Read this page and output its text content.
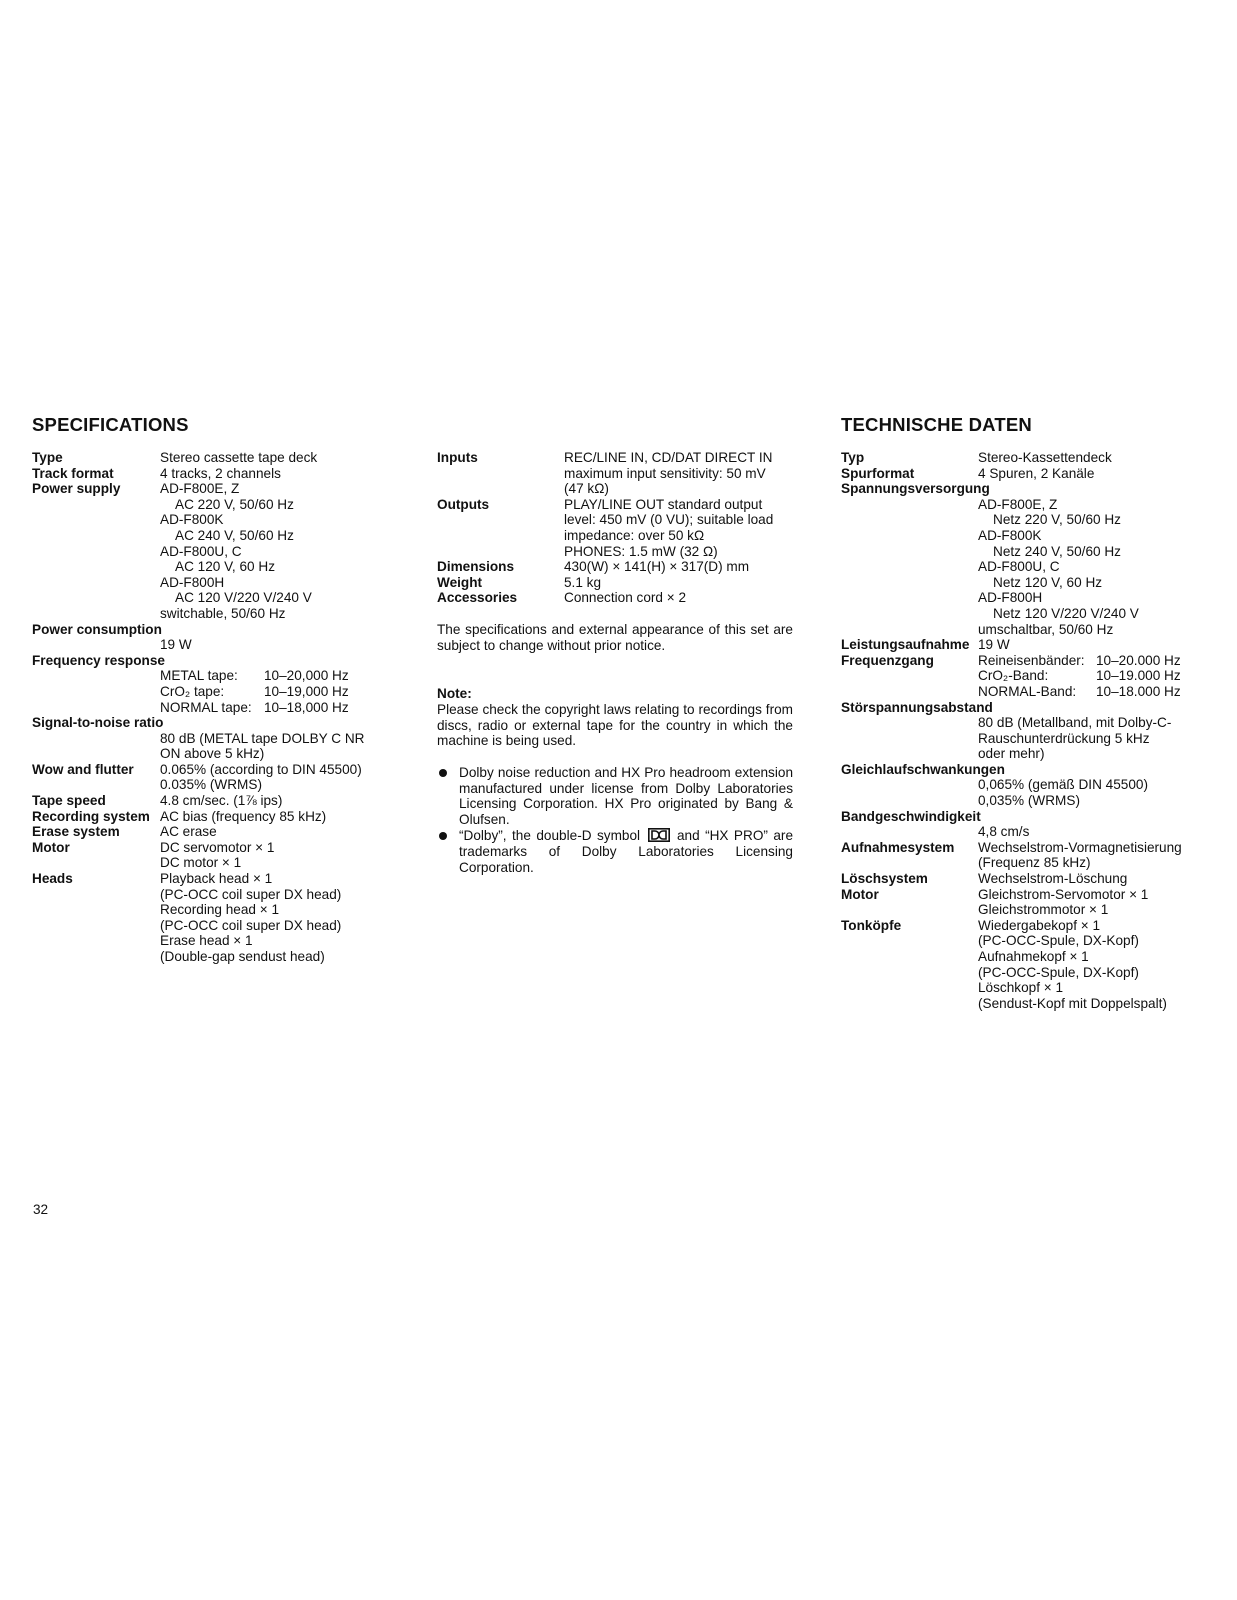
SPECIFICATIONS	TECHNISCHE DATEN
Type	Stereo cassette tape deck
Track format	4 tracks, 2 channels
Power supply	AD-F800E, Z
AC 220 V, 50/60 Hz
AD-F800K
AC 240 V, 50/60 Hz
AD-F800U, C
AC 120 V, 60 Hz
AD-F800H
AC 120 V/220 V/240 V
switchable, 50/60 Hz
Power consumption
19 W
Frequency response
METAL tape:	10–20,000 Hz
CrO₂ tape:	10–19,000 Hz
NORMAL tape: 10–18,000 Hz
Signal-to-noise ratio
80 dB (METAL tape DOLBY C NR
ON above 5 kHz)
Wow and flutter	0.065% (according to DIN 45500)
0.035% (WRMS)
Tape speed	4.8 cm/sec. (1⅞ ips)
Recording system AC bias (frequency 85 kHz)
Erase system	AC erase
Motor	DC servomotor × 1
DC motor × 1
Heads	Playback head × 1
(PC-OCC coil super DX head)
Recording head × 1
(PC-OCC coil super DX head)
Erase head × 1
(Double-gap sendust head)
Inputs	REC/LINE IN, CD/DAT DIRECT IN
maximum input sensitivity: 50 mV
(47 kΩ)
Outputs	PLAY/LINE OUT standard output
level: 450 mV (0 VU); suitable load
impedance: over 50 kΩ
PHONES: 1.5 mW (32 Ω)
Dimensions	430(W) × 141(H) × 317(D) mm
Weight	5.1 kg
Accessories	Connection cord × 2
Typ	Stereo-Kassettendeck
Spurformat	4 Spuren, 2 Kanäle
Spannungsversorgung
AD-F800E, Z
Netz 220 V, 50/60 Hz
AD-F800K
Netz 240 V, 50/60 Hz
AD-F800U, C
Netz 120 V, 60 Hz
AD-F800H
Netz 120 V/220 V/240 V
umschaltbar, 50/60 Hz
Leistungsaufnahme 19 W
Frequenzgang	Reineisenbänder: 10–20.000 Hz
CrO₂-Band:	10–19.000 Hz
NORMAL-Band:	10–18.000 Hz
Störspannungsabstand
80 dB (Metallband, mit Dolby-C-
Rauschunterdrückung 5 kHz
oder mehr)
Gleichlaufschwankungen
0,065% (gemäß DIN 45500)
0,035% (WRMS)
Bandgeschwindigkeit
4,8 cm/s
Aufnahmesystem	Wechselstrom-Vormagnetisierung
(Frequenz 85 kHz)
Löschsystem	Wechselstrom-Löschung
Motor	Gleichstrom-Servomotor × 1
Gleichstrommotor × 1
Tonköpfe	Wiedergabekopf × 1
(PC-OCC-Spule, DX-Kopf)
Aufnahmekopf × 1
(PC-OCC-Spule, DX-Kopf)
Löschkopf × 1
(Sendust-Kopf mit Doppelspalt)

The specifications and external appearance of this set are subject to change without prior notice.

Note:

Please check the copyright laws relating to recordings from discs, radio or external tape for the country in which the machine is being used.

Dolby noise reduction and HX Pro headroom extension manufactured under license from Dolby Laboratories Licensing Corporation. HX Pro originated by Bang & Olufsen.
“Dolby”, the double-D symbol	and “HX PRO” are trademarks of Dolby Laboratories Licensing Corporation.

32
